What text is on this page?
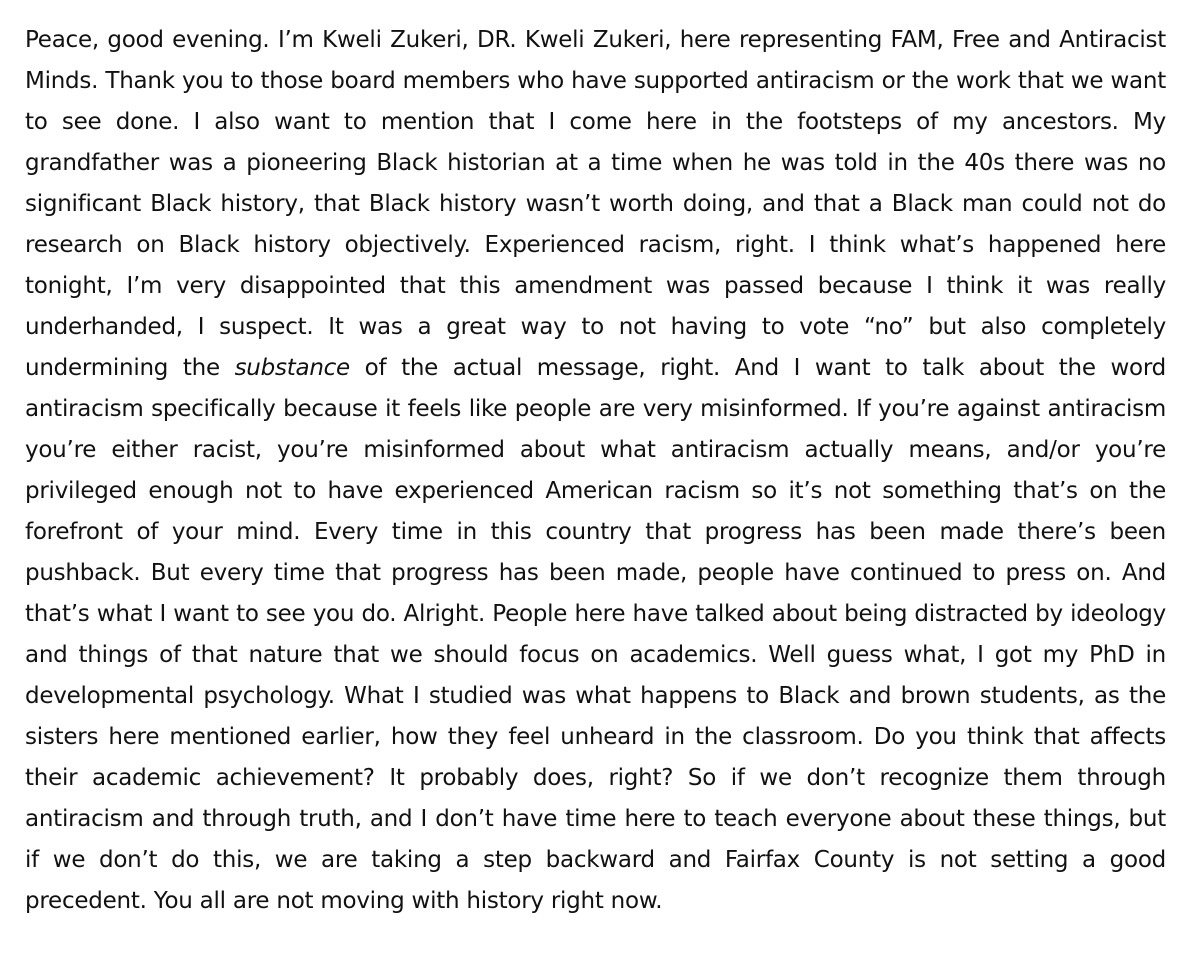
Peace, good evening. I’m Kweli Zukeri, DR. Kweli Zukeri, here representing FAM, Free and Antiracist Minds. Thank you to those board members who have supported antiracism or the work that we want to see done. I also want to mention that I come here in the footsteps of my ancestors. My grandfather was a pioneering Black historian at a time when he was told in the 40s there was no significant Black history, that Black history wasn’t worth doing, and that a Black man could not do research on Black history objectively. Experienced racism, right. I think what’s happened here tonight, I’m very disappointed that this amendment was passed because I think it was really underhanded, I suspect. It was a great way to not having to vote “no” but also completely undermining the substance of the actual message, right. And I want to talk about the word antiracism specifically because it feels like people are very misinformed. If you’re against antiracism you’re either racist, you’re misinformed about what antiracism actually means, and/or you’re privileged enough not to have experienced American racism so it’s not something that’s on the forefront of your mind. Every time in this country that progress has been made there’s been pushback. But every time that progress has been made, people have continued to press on. And that’s what I want to see you do. Alright. People here have talked about being distracted by ideology and things of that nature that we should focus on academics. Well guess what, I got my PhD in developmental psychology. What I studied was what happens to Black and brown students, as the sisters here mentioned earlier, how they feel unheard in the classroom. Do you think that affects their academic achievement? It probably does, right? So if we don’t recognize them through antiracism and through truth, and I don’t have time here to teach everyone about these things, but if we don’t do this, we are taking a step backward and Fairfax County is not setting a good precedent. You all are not moving with history right now.
